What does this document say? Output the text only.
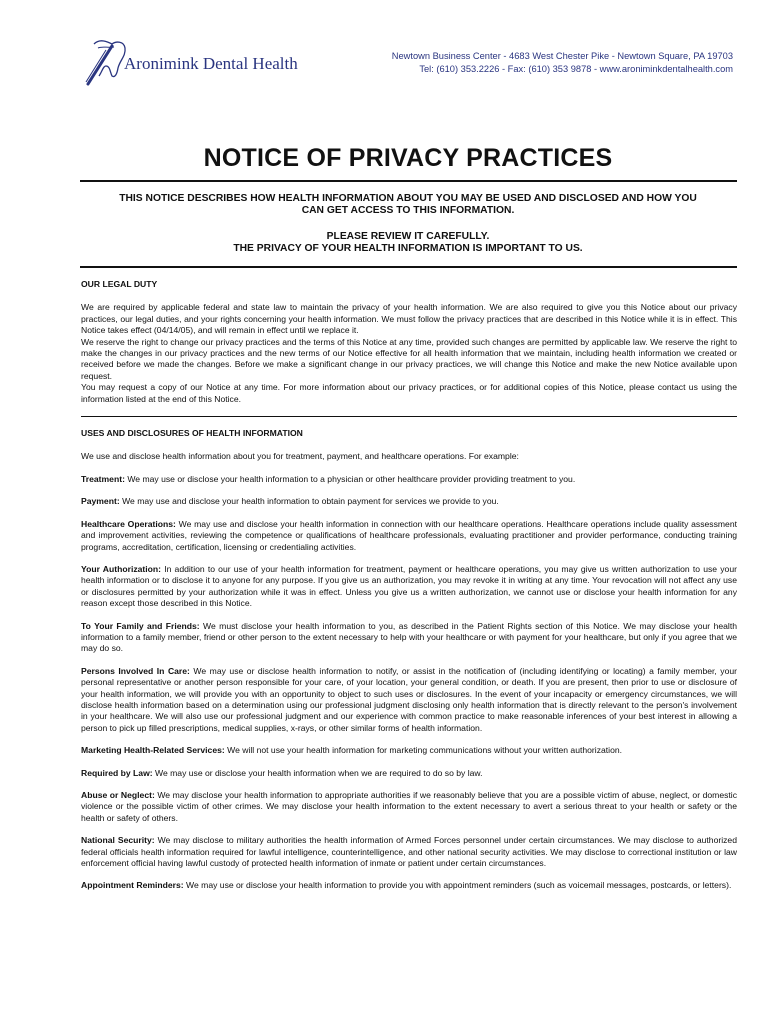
Aronimink Dental Health	Newtown Business Center - 4683 West Chester Pike - Newtown Square, PA 19703
Tel: (610) 353.2226 - Fax: (610) 353 9878 - www.aroniminkdentalhealth.com
NOTICE OF PRIVACY PRACTICES
THIS NOTICE DESCRIBES HOW HEALTH INFORMATION ABOUT YOU MAY BE USED AND DISCLOSED AND HOW YOU
CAN GET ACCESS TO THIS INFORMATION.
PLEASE REVIEW IT CAREFULLY.
THE PRIVACY OF YOUR HEALTH INFORMATION IS IMPORTANT TO US.

OUR LEGAL DUTY

We are required by applicable federal and state law to maintain the privacy of your health information. We are also required to give you this Notice about our privacy practices, our legal duties, and your rights concerning your health information. We must follow the privacy practices that are described in this Notice while it is in effect. This Notice takes effect (04/14/05), and will remain in effect until we replace it.

We reserve the right to change our privacy practices and the terms of this Notice at any time, provided such changes are permitted by applicable law. We reserve the right to make the changes in our privacy practices and the new terms of our Notice effective for all health information that we maintain, including health information we created or received before we made the changes. Before we make a significant change in our privacy practices, we will change this Notice and make the new Notice available upon request.

You may request a copy of our Notice at any time. For more information about our privacy practices, or for additional copies of this Notice, please contact us using the information listed at the end of this Notice.

USES AND DISCLOSURES OF HEALTH INFORMATION

We use and disclose health information about you for treatment, payment, and healthcare operations. For example:

Treatment: We may use or disclose your health information to a physician or other healthcare provider providing treatment to you.

Payment: We may use and disclose your health information to obtain payment for services we provide to you.

Healthcare Operations: We may use and disclose your health information in connection with our healthcare operations. Healthcare operations include quality assessment and improvement activities, reviewing the competence or qualifications of healthcare professionals, evaluating practitioner and provider performance, conducting training programs, accreditation, certification, licensing or credentialing activities.

Your Authorization: In addition to our use of your health information for treatment, payment or healthcare operations, you may give us written authorization to use your health information or to disclose it to anyone for any purpose. If you give us an authorization, you may revoke it in writing at any time. Your revocation will not affect any use or disclosures permitted by your authorization while it was in effect. Unless you give us a written authorization, we cannot use or disclose your health information for any reason except those described in this Notice.

To Your Family and Friends: We must disclose your health information to you, as described in the Patient Rights section of this Notice. We may disclose your health information to a family member, friend or other person to the extent necessary to help with your healthcare or with payment for your healthcare, but only if you agree that we may do so.

Persons Involved In Care: We may use or disclose health information to notify, or assist in the notification of (including identifying or locating) a family member, your personal representative or another person responsible for your care, of your location, your general condition, or death. If you are present, then prior to use or disclosure of your health information, we will provide you with an opportunity to object to such uses or disclosures. In the event of your incapacity or emergency circumstances, we will disclose health information based on a determination using our professional judgment disclosing only health information that is directly relevant to the person's involvement in your healthcare. We will also use our professional judgment and our experience with common practice to make reasonable inferences of your best interest in allowing a person to pick up filled prescriptions, medical supplies, x-rays, or other similar forms of health information.

Marketing Health-Related Services: We will not use your health information for marketing communications without your written authorization.

Required by Law: We may use or disclose your health information when we are required to do so by law.

Abuse or Neglect: We may disclose your health information to appropriate authorities if we reasonably believe that you are a possible victim of abuse, neglect, or domestic violence or the possible victim of other crimes. We may disclose your health information to the extent necessary to avert a serious threat to your health or safety or the health or safety of others.

National Security: We may disclose to military authorities the health information of Armed Forces personnel under certain circumstances. We may disclose to authorized federal officials health information required for lawful intelligence, counterintelligence, and other national security activities. We may disclose to correctional institution or law enforcement official having lawful custody of protected health information of inmate or patient under certain circumstances.

Appointment Reminders: We may use or disclose your health information to provide you with appointment reminders (such as voicemail messages, postcards, or letters).
